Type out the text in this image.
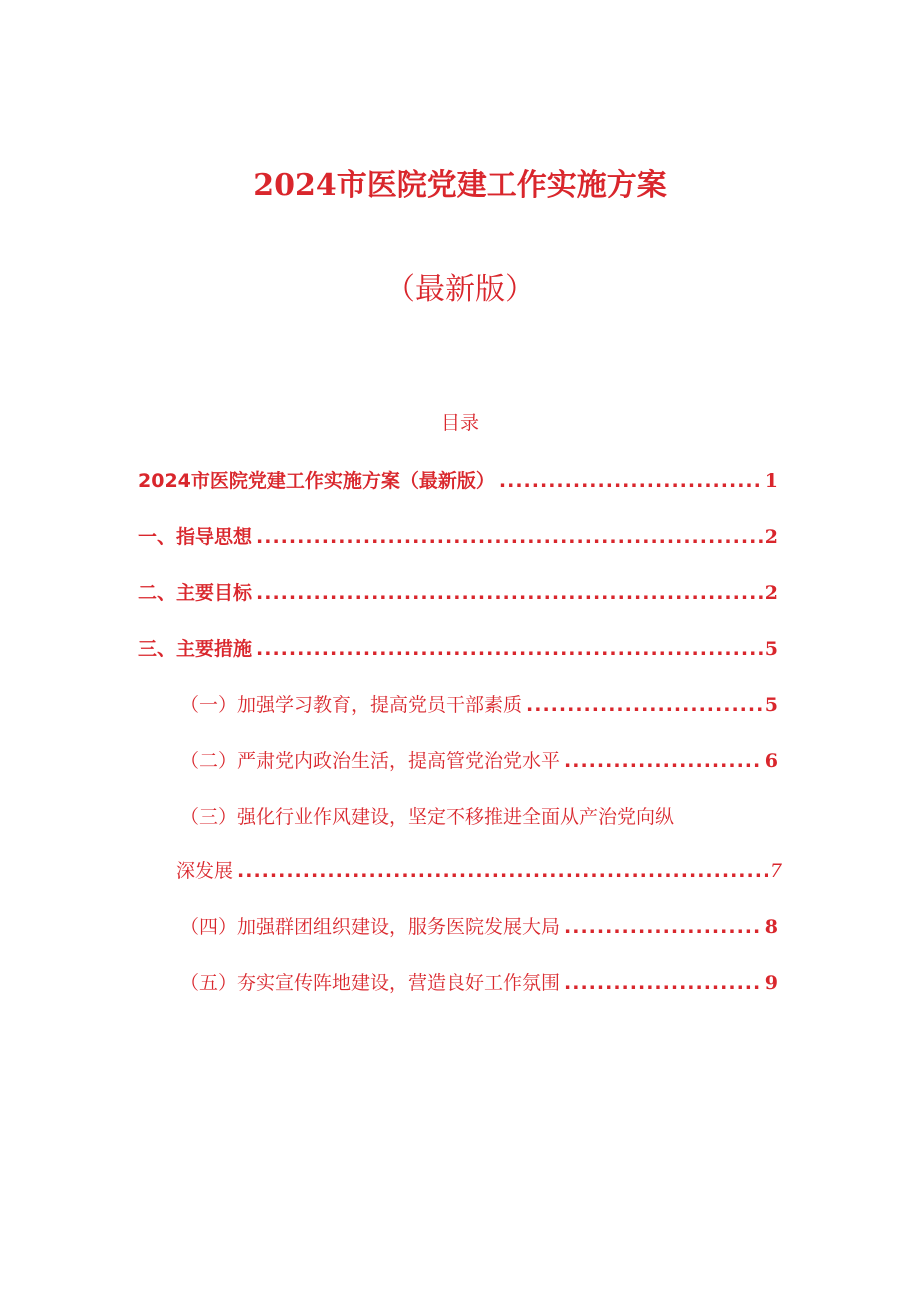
2024市医院党建工作实施方案
（最新版）
目录
2024市医院党建工作实施方案（最新版） .....	1
一、指导思想 .....	2
二、主要目标 .....	2
三、主要措施 .....	5
（一）加强学习教育，提高党员干部素质 .....	5
（二）严肃党内政治生活，提高管党治党水平 .....	6
（三）强化行业作风建设，坚定不移推进全面从产治党向纵
深发展 .....	7
（四）加强群团组织建设，服务医院发展大局 .....	8
（五）夯实宣传阵地建设，营造良好工作氛围 .....	9
